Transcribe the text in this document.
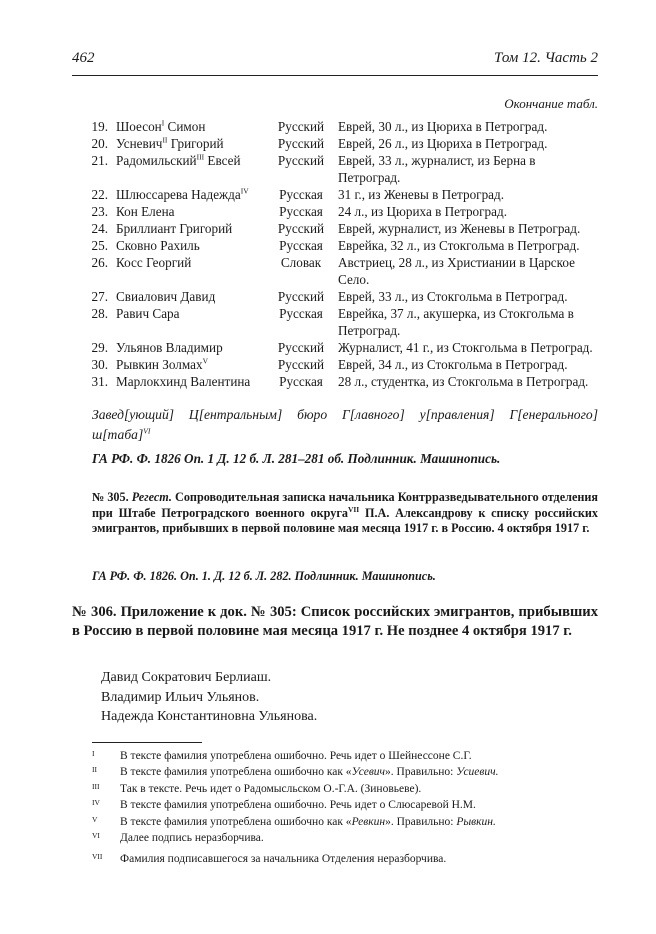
462	Том 12. Часть 2
Окончание табл.
19.	Шоесон$^I$ Симон	Русский	Еврей, 30 л., из Цюриха в Петроград.
20.	Усневич$^{II}$ Григорий	Русский	Еврей, 26 л., из Цюриха в Петроград.
21.	Радомильский$^{III}$ Евсей	Русский	Еврей, 33 л., журналист, из Берна в Петроград.
22.	Шлюссарева Надежда$^{IV}$	Русская	31 г., из Женевы в Петроград.
23.	Кон Елена	Русская	24 л., из Цюриха в Петроград.
24.	Бриллиант Григорий	Русский	Еврей, журналист, из Женевы в Петроград.
25.	Сковно Рахиль	Русская	Еврейка, 32 л., из Стокгольма в Петроград.
26.	Косс Георгий	Словак	Австриец, 28 л., из Христиании в Царское Село.
27.	Свиалович Давид	Русский	Еврей, 33 л., из Стокгольма в Петроград.
28.	Равич Сара	Русская	Еврейка, 37 л., акушерка, из Стокгольма в Петроград.
29.	Ульянов Владимир	Русский	Журналист, 41 г., из Стокгольма в Петроград.
30.	Рывкин Золмах$^V$	Русский	Еврей, 34 л., из Стокгольма в Петроград.
31.	Марлокхинд Валентина	Русская	28 л., студентка, из Стокгольма в Петроград.
Завед[ующий] Ц[ентральным] бюро Г[лавного] у[правления] Г[енерального] ш[таба]$^{VI}$
ГА РФ. Ф. 1826 Оп. 1 Д. 12 б. Л. 281–281 об. Подлинник. Машинопись.
№ 305. Регест. Сопроводительная записка начальника Контрразведывательного отделения при Штабе Петроградского военного округа$^{VII}$ П.А. Александрову к списку российских эмигрантов, прибывших в первой половине мая месяца 1917 г. в Россию. 4 октября 1917 г.
ГА РФ. Ф. 1826. Оп. 1. Д. 12 б. Л. 282. Подлинник. Машинопись.
№ 306. Приложение к док. № 305: Список российских эмигрантов, прибывших в Россию в первой половине мая месяца 1917 г. Не позднее 4 октября 1917 г.
Давид Сократович Берлиаш.
Владимир Ильич Ульянов.
Надежда Константиновна Ульянова.
I	В тексте фамилия употреблена ошибочно. Речь идет о Шейнессоне С.Г.
II	В тексте фамилия употреблена ошибочно как «Усевич». Правильно: Усиевич.
III	Так в тексте. Речь идет о Радомысльском О.-Г.А. (Зиновьеве).
IV	В тексте фамилия употреблена ошибочно. Речь идет о Слюсаревой Н.М.
V	В тексте фамилия употреблена ошибочно как «Ревкин». Правильно: Рывкин.
VI	Далее подпись неразборчива.
VII	Фамилия подписавшегося за начальника Отделения неразборчива.
